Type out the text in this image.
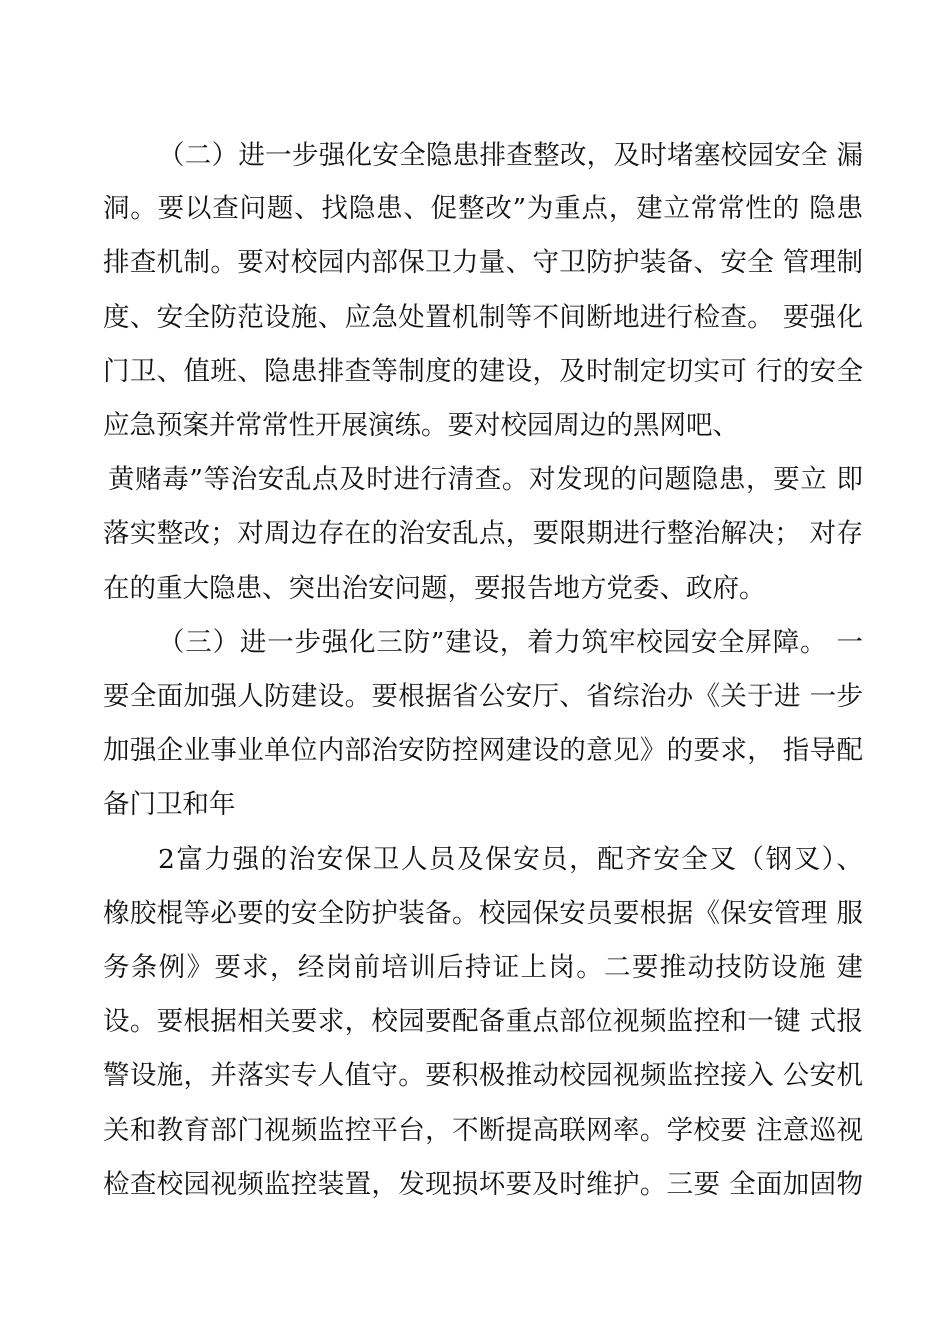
（二）进一步强化安全隐患排查整改，及时堵塞校园安全 漏
洞。要以查问题、找隐患、促整改”为重点，建立常常性的 隐患
排查机制。要对校园内部保卫力量、守卫防护装备、安全 管理制
度、安全防范设施、应急处置机制等不间断地进行检查。 要强化
门卫、值班、隐患排查等制度的建设，及时制定切实可 行的安全
应急预案并常常性开展演练。要对校园周边的黑网吧、
黄赌毒”等治安乱点及时进行清查。对发现的问题隐患，要立 即
落实整改；对周边存在的治安乱点，要限期进行整治解决； 对存
在的重大隐患、突出治安问题，要报告地方党委、政府。
（三）进一步强化三防”建设，着力筑牢校园安全屏障。 一
要全面加强人防建设。要根据省公安厅、省综治办《关于进 一步
加强企业事业单位内部治安防控网建设的意见》的要求， 指导配
备门卫和年
2富力强的治安保卫人员及保安员，配齐安全叉（钢叉）、
橡胶棍等必要的安全防护装备。校园保安员要根据《保安管理 服
务条例》要求，经岗前培训后持证上岗。二要推动技防设施 建
设。要根据相关要求，校园要配备重点部位视频监控和一键 式报
警设施，并落实专人值守。要积极推动校园视频监控接入 公安机
关和教育部门视频监控平台，不断提高联网率。学校要 注意巡视
检查校园视频监控装置，发现损坏要及时维护。三要 全面加固物
